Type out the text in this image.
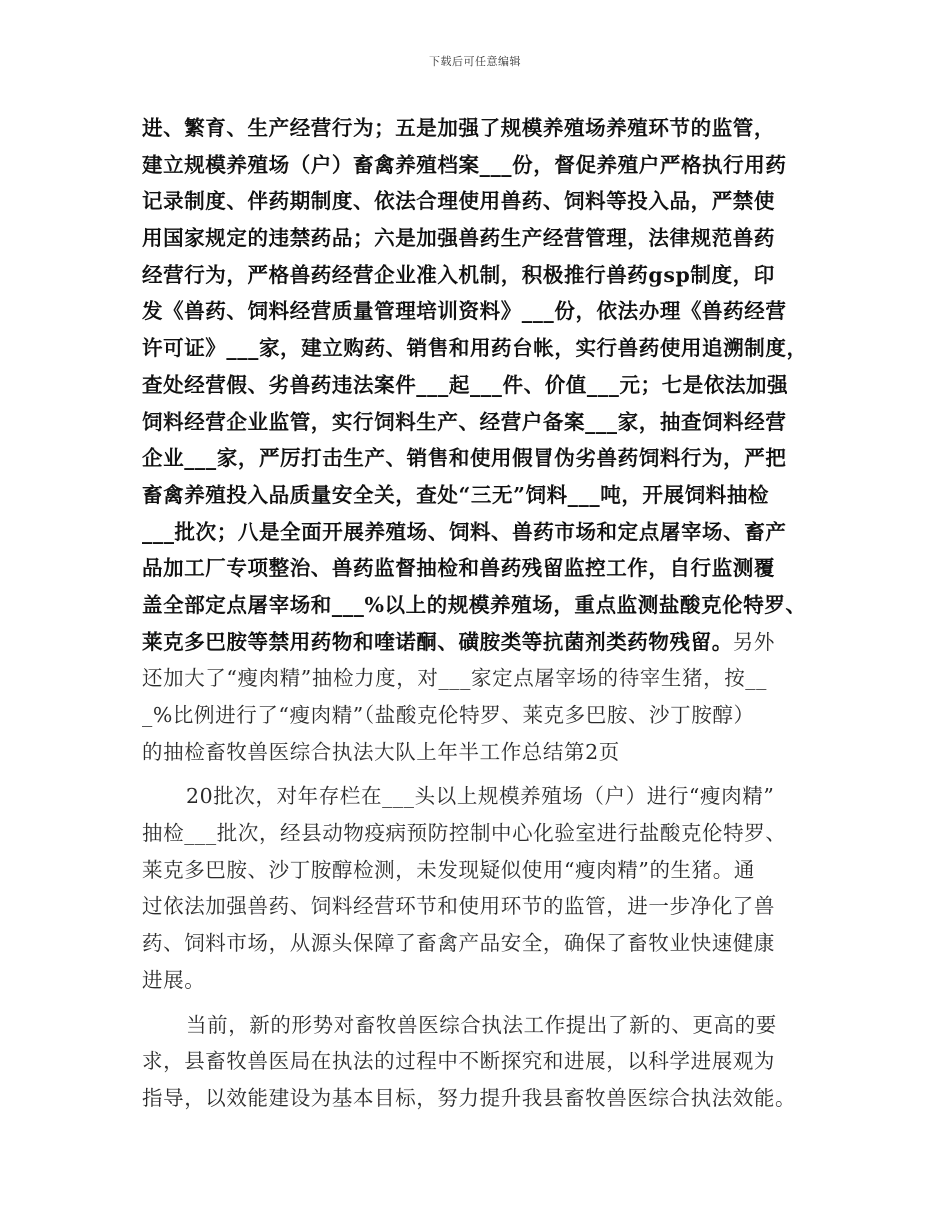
下载后可任意编辑
进、繁育、生产经营行为；五是加强了规模养殖场养殖环节的监管，
建立规模养殖场（户）畜禽养殖档案___份，督促养殖户严格执行用药
记录制度、伴药期制度、依法合理使用兽药、饲料等投入品，严禁使
用国家规定的违禁药品；六是加强兽药生产经营管理，法律规范兽药
经营行为，严格兽药经营企业准入机制，积极推行兽药gsp制度，印
发《兽药、饲料经营质量管理培训资料》___份，依法办理《兽药经营
许可证》___家，建立购药、销售和用药台帐，实行兽药使用追溯制度，
查处经营假、劣兽药违法案件___起___件、价值___元；七是依法加强
饲料经营企业监管，实行饲料生产、经营户备案___家，抽查饲料经营
企业___家，严厉打击生产、销售和使用假冒伪劣兽药饲料行为，严把
畜禽养殖投入品质量安全关，查处“三无”饲料___吨，开展饲料抽检
___批次；八是全面开展养殖场、饲料、兽药市场和定点屠宰场、畜产
品加工厂专项整治、兽药监督抽检和兽药残留监控工作，自行监测覆
盖全部定点屠宰场和___%以上的规模养殖场，重点监测盐酸克伦特罗、
莱克多巴胺等禁用药物和喹诺酮、磺胺类等抗菌剂类药物残留。另外
还加大了“瘦肉精”抽检力度，对___家定点屠宰场的待宰生猪，按__
_%比例进行了“瘦肉精”（盐酸克伦特罗、莱克多巴胺、沙丁胺醇）
的抽检畜牧兽医综合执法大队上年半工作总结第2页
20批次，对年存栏在___头以上规模养殖场（户）进行“瘦肉精”
抽检___批次，经县动物疫病预防控制中心化验室进行盐酸克伦特罗、
莱克多巴胺、沙丁胺醇检测，未发现疑似使用“瘦肉精”的生猪。通
过依法加强兽药、饲料经营环节和使用环节的监管，进一步净化了兽
药、饲料市场，从源头保障了畜禽产品安全，确保了畜牧业快速健康
进展。
当前，新的形势对畜牧兽医综合执法工作提出了新的、更高的要
求，县畜牧兽医局在执法的过程中不断探究和进展，以科学进展观为
指导，以效能建设为基本目标，努力提升我县畜牧兽医综合执法效能。
